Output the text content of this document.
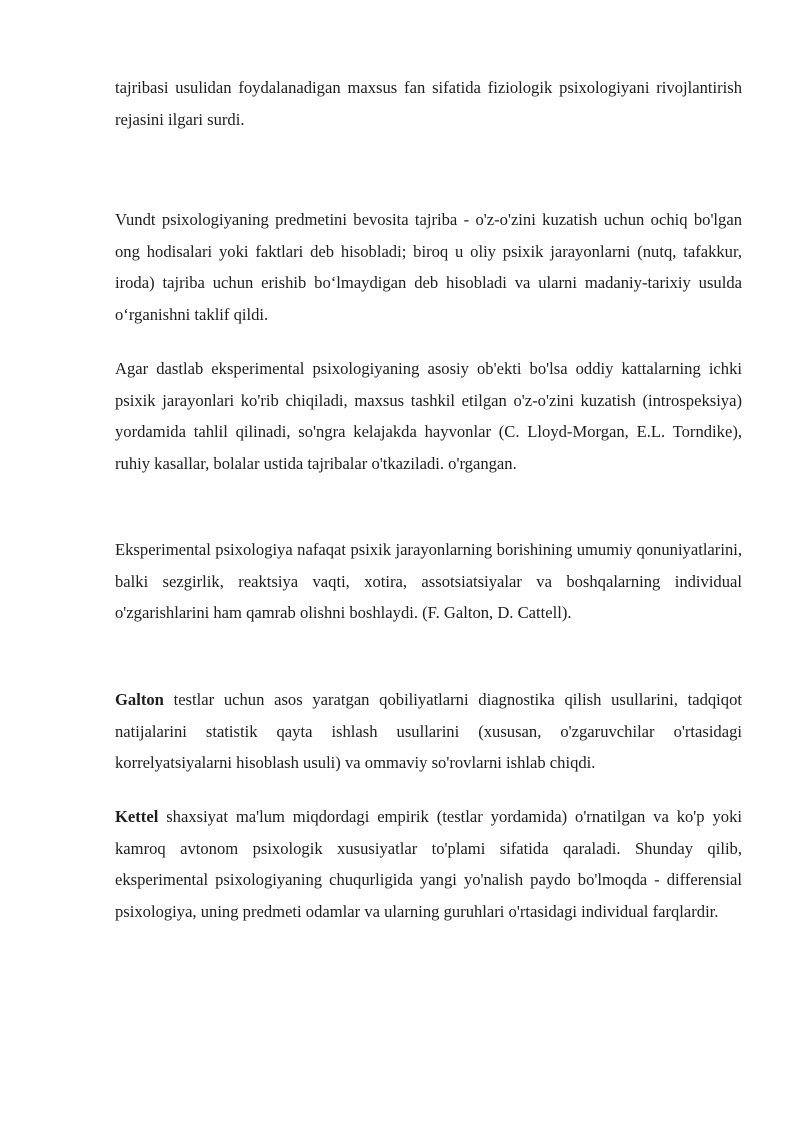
tajribasi usulidan foydalanadigan maxsus fan sifatida fiziologik psixologiyani rivojlantirish rejasini ilgari surdi.

Vundt psixologiyaning predmetini bevosita tajriba - o'z-o'zini kuzatish uchun ochiq bo'lgan ong hodisalari yoki faktlari deb hisobladi; biroq u oliy psixik jarayonlarni (nutq, tafakkur, iroda) tajriba uchun erishib bo‘lmaydigan deb hisobladi va ularni madaniy-tarixiy usulda o‘rganishni taklif qildi.

Agar dastlab eksperimental psixologiyaning asosiy ob'ekti bo'lsa oddiy kattalarning ichki psixik jarayonlari ko'rib chiqiladi, maxsus tashkil etilgan o'z-o'zini kuzatish (introspeksiya) yordamida tahlil qilinadi, so'ngra kelajakda hayvonlar (C. Lloyd-Morgan, E.L. Torndike), ruhiy kasallar, bolalar ustida tajribalar o'tkaziladi. o'rgangan.

Eksperimental psixologiya nafaqat psixik jarayonlarning borishining umumiy qonuniyatlarini, balki sezgirlik, reaktsiya vaqti, xotira, assotsiatsiyalar va boshqalarning individual o'zgarishlarini ham qamrab olishni boshlaydi. (F. Galton, D. Cattell).

Galton testlar uchun asos yaratgan qobiliyatlarni diagnostika qilish usullarini, tadqiqot natijalarini statistik qayta ishlash usullarini (xususan, o'zgaruvchilar o'rtasidagi korrelyatsiyalarni hisoblash usuli) va ommaviy so'rovlarni ishlab chiqdi.

Kettel shaxsiyat ma'lum miqdordagi empirik (testlar yordamida) o'rnatilgan va ko'p yoki kamroq avtonom psixologik xususiyatlar to'plami sifatida qaraladi. Shunday qilib, eksperimental psixologiyaning chuqurligida yangi yo'nalish paydo bo'lmoqda - differensial psixologiya, uning predmeti odamlar va ularning guruhlari o'rtasidagi individual farqlardir.
